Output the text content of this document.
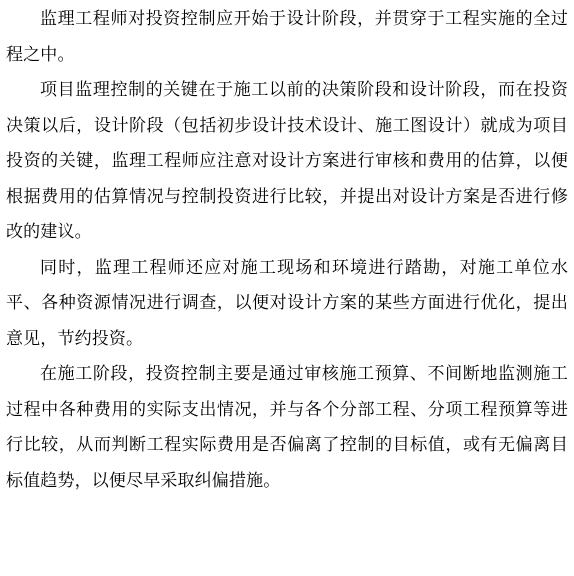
监理工程师对投资控制应开始于设计阶段，并贯穿于工程实施的全过程之中。

项目监理控制的关键在于施工以前的决策阶段和设计阶段，而在投资决策以后，设计阶段（包括初步设计技术设计、施工图设计）就成为项目投资的关键，监理工程师应注意对设计方案进行审核和费用的估算，以便根据费用的估算情况与控制投资进行比较，并提出对设计方案是否进行修改的建议。

同时，监理工程师还应对施工现场和环境进行踏勘，对施工单位水平、各种资源情况进行调查，以便对设计方案的某些方面进行优化，提出意见，节约投资。

在施工阶段，投资控制主要是通过审核施工预算、不间断地监测施工过程中各种费用的实际支出情况，并与各个分部工程、分项工程预算等进行比较，从而判断工程实际费用是否偏离了控制的目标值，或有无偏离目标值趋势，以便尽早采取纠偏措施。
